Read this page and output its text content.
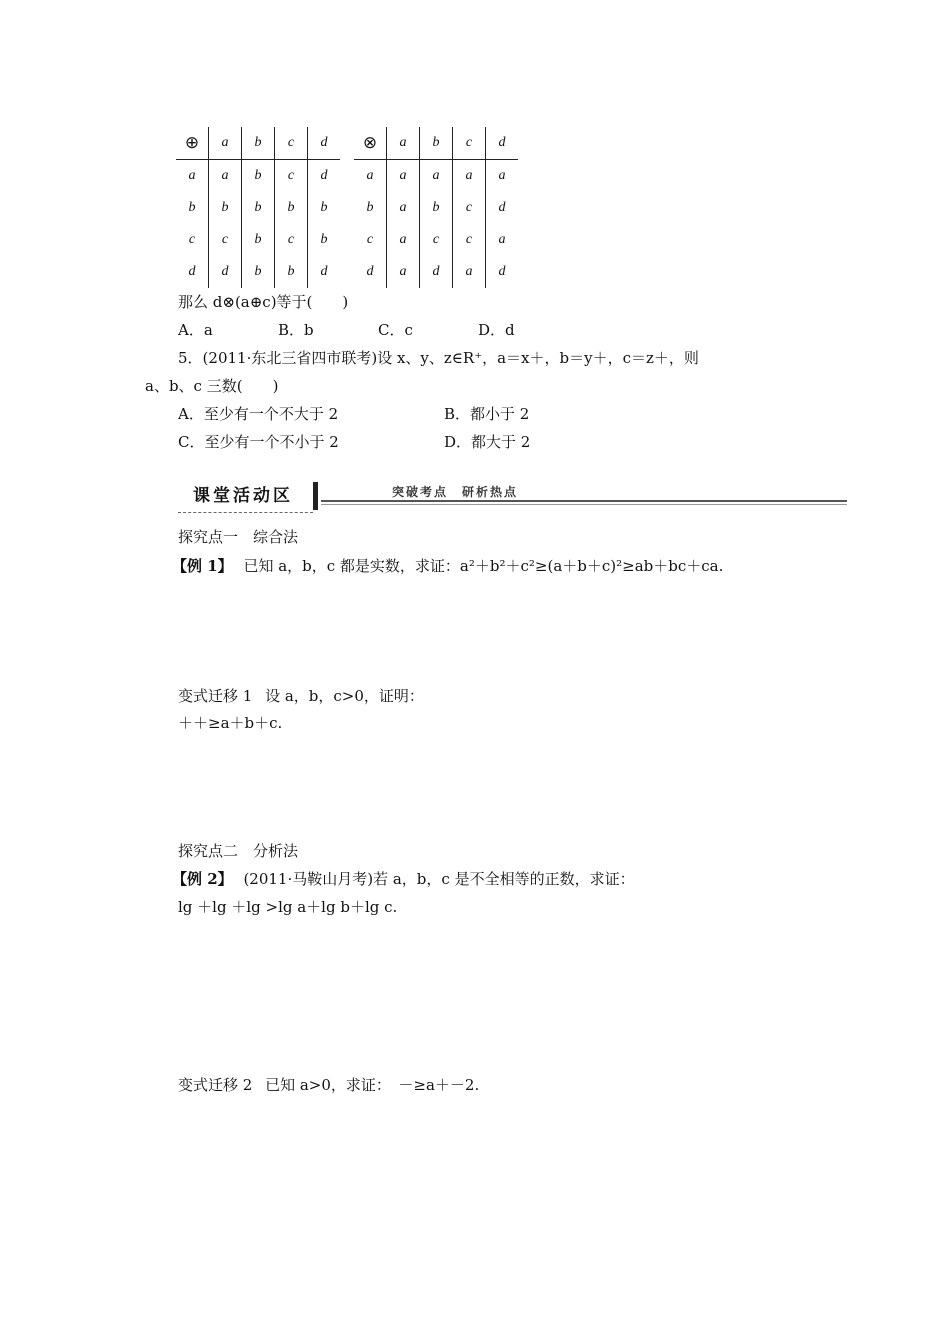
⊕	a	b	c	d
a	a	b	c	d
b	b	b	b	b
c	c	b	c	b
d	d	b	b	d
⊗	a	b	c	d
a	a	a	a	a
b	a	b	c	d
c	a	c	c	a
d	a	d	a	d
那么 d⊗(a⊕c)等于(　　)
A．a	B．b	C．c	D．d
5．(2011·东北三省四市联考)设 x、y、z∈R⁺，a＝x＋，b＝y＋，c＝z＋，则
a、b、c 三数(　　)
A．至少有一个不大于 2	B．都小于 2
C．至少有一个不小于 2	D．都大于 2
课堂活动区	突破考点　研析热点
探究点一　综合法
【例 1】 已知 a，b，c 都是实数，求证：a²＋b²＋c²≥(a＋b＋c)²≥ab＋bc＋ca.
变式迁移 1 设 a，b，c>0，证明：
＋＋≥a＋b＋c.
探究点二　分析法
【例 2】 (2011·马鞍山月考)若 a，b，c 是不全相等的正数，求证：
lg ＋lg ＋lg >lg a＋lg b＋lg c.
变式迁移 2 已知 a>0，求证：　－≥a＋－2.
